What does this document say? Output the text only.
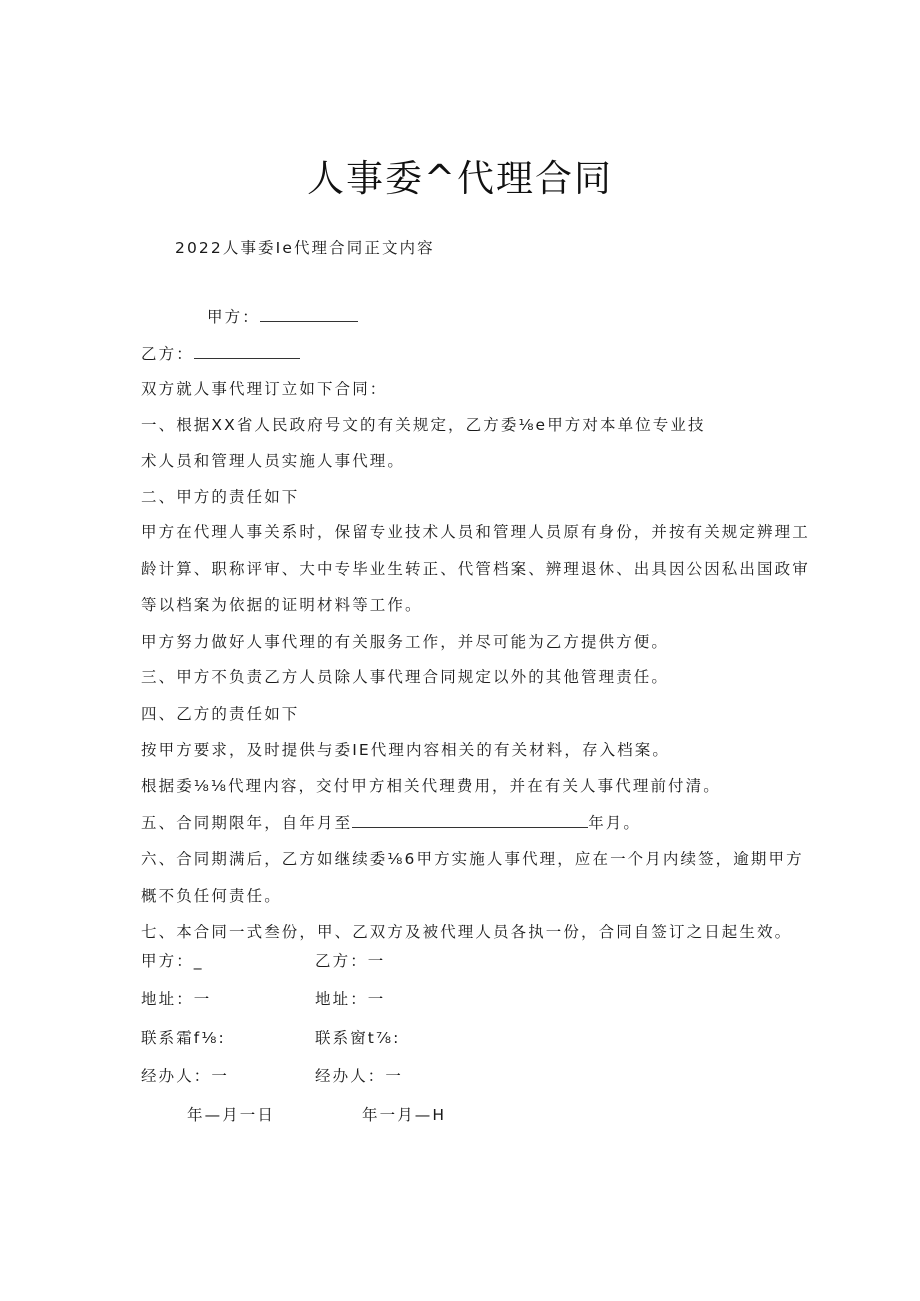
人事委^代理合同
2022人事委Ie代理合同正文内容
甲方：
乙方：
双方就人事代理订立如下合同：
一、根据XX省人民政府号文的有关规定，乙方委⅛e甲方对本单位专业技
术人员和管理人员实施人事代理。
二、甲方的责任如下
甲方在代理人事关系时，保留专业技术人员和管理人员原有身份，并按有关规定辨理工
龄计算、职称评审、大中专毕业生转正、代管档案、辨理退休、出具因公因私出国政审
等以档案为依据的证明材料等工作。
甲方努力做好人事代理的有关服务工作，并尽可能为乙方提供方便。
三、甲方不负责乙方人员除人事代理合同规定以外的其他管理责任。
四、乙方的责任如下
按甲方要求，及时提供与委IE代理内容相关的有关材料，存入档案。
根据委⅛⅛代理内容，交付甲方相关代理费用，并在有关人事代理前付清。
五、合同期限年，自年月至	年月。
六、合同期满后，乙方如继续委⅛6甲方实施人事代理，应在一个月内续签，逾期甲方
概不负任何责任。
七、本合同一式叁份，甲、乙双方及被代理人员各执一份，合同自签订之日起生效。
甲方：_	乙方：一
地址：一	地址：一
联系霜f⅛:	联系窗t⅞:
经办人：一	经办人：一
年—月一日	年一月—H
